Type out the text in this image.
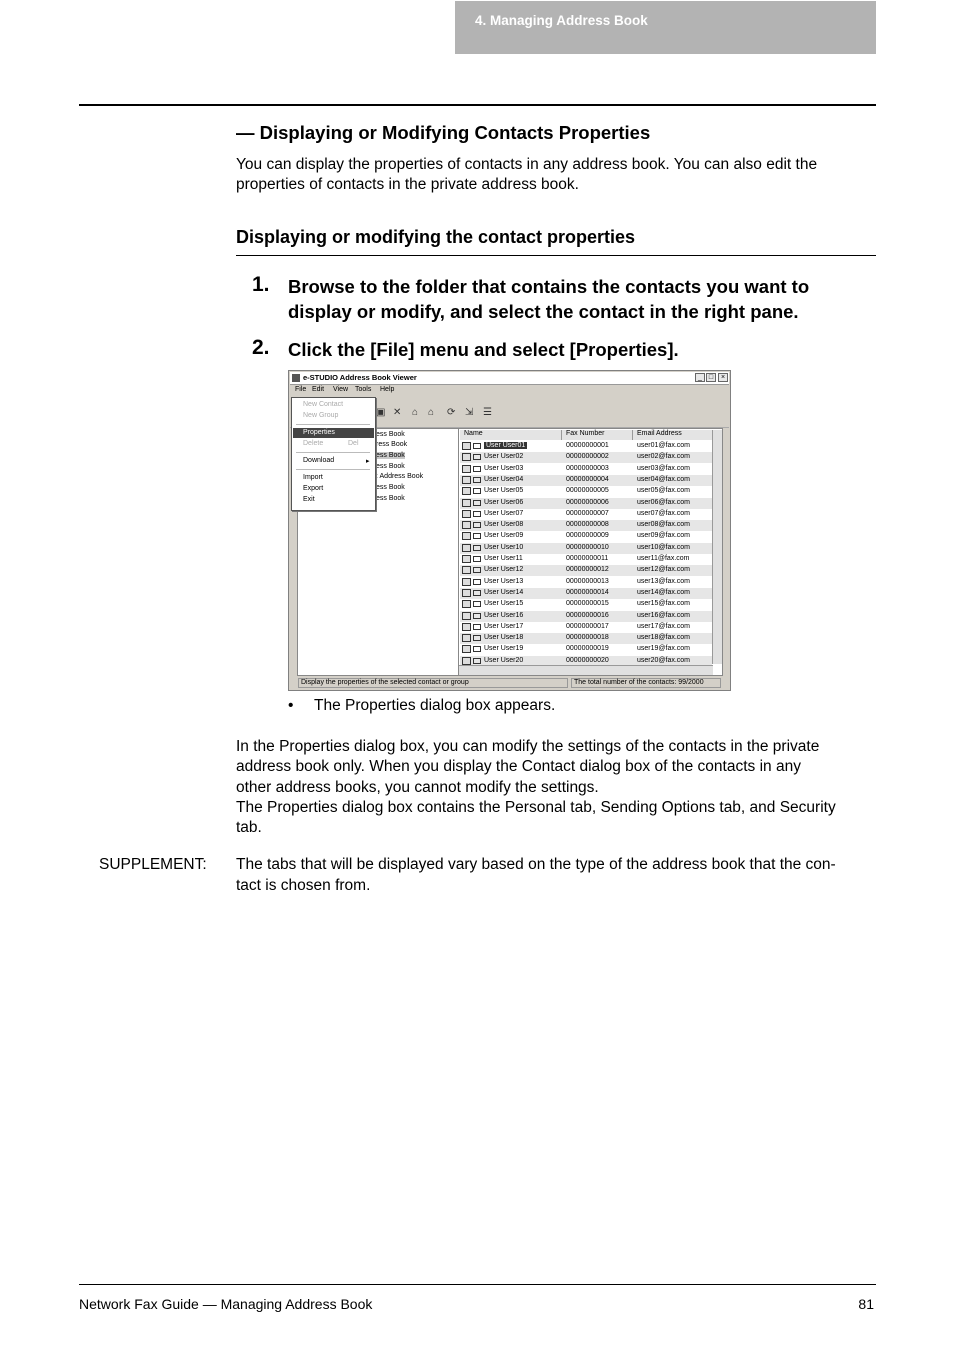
4. Managing Address Book
— Displaying or Modifying Contacts Properties
You can display the properties of contacts in any address book. You can also edit the
properties of contacts in the private address book.
Displaying or modifying the contact properties
1. Browse to the folder that contains the contacts you want to
display or modify, and select the contact in the right pane.
2. Click the [File] menu and select [Properties].
e-STUDIO Address Book Viewer	_ □	×
File Edit View Tools Help
▣ ✕ ⌂ ⌂ ⟳ ⇲ ☰
ess Book
ress Book
ess Book
ess Book
: Address Book
ess Book
ess Book
Name	Fax Number	Email Address
User User01	00000000001	user01@fax.com
User User02	00000000002	user02@fax.com
User User03	00000000003	user03@fax.com
User User04	00000000004	user04@fax.com
User User05	00000000005	user05@fax.com
User User06	00000000006	user06@fax.com
User User07	00000000007	user07@fax.com
User User08	00000000008	user08@fax.com
User User09	00000000009	user09@fax.com
User User10	00000000010	user10@fax.com
User User11	00000000011	user11@fax.com
User User12	00000000012	user12@fax.com
User User13	00000000013	user13@fax.com
User User14	00000000014	user14@fax.com
User User15	00000000015	user15@fax.com
User User16	00000000016	user16@fax.com
User User17	00000000017	user17@fax.com
User User18	00000000018	user18@fax.com
User User19	00000000019	user19@fax.com
User User20	00000000020	user20@fax.com
New Contact
New Group
Properties
Delete	Del
Download	▸
Import
Export
Exit
Display the properties of the selected contact or group	The total number of the contacts: 99/2000
• The Properties dialog box appears.
In the Properties dialog box, you can modify the settings of the contacts in the private
address book only. When you display the Contact dialog box of the contacts in any
other address books, you cannot modify the settings.
The Properties dialog box contains the Personal tab, Sending Options tab, and Security
tab.
SUPPLEMENT: The tabs that will be displayed vary based on the type of the address book that the con-
tact is chosen from.
Network Fax Guide — Managing Address Book	81
